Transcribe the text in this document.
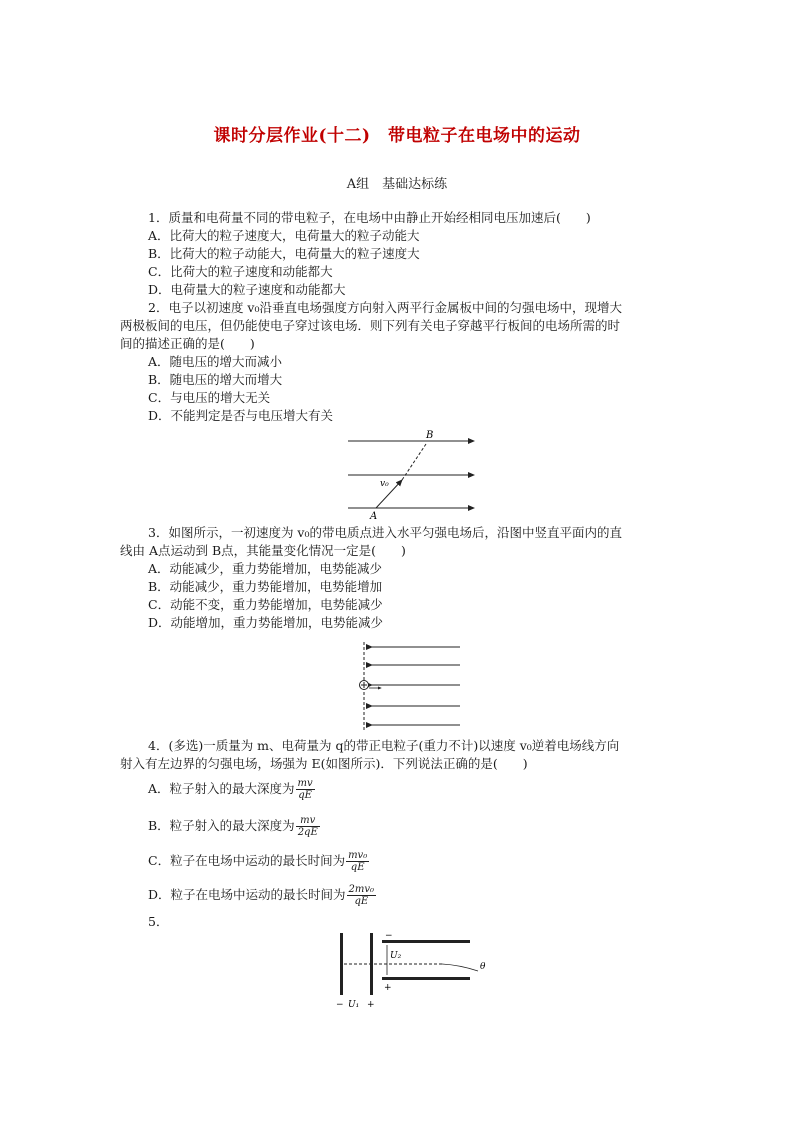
课时分层作业(十二)　带电粒子在电场中的运动
A组　基础达标练
1．质量和电荷量不同的带电粒子，在电场中由静止开始经相同电压加速后(　　)
A．比荷大的粒子速度大，电荷量大的粒子动能大
B．比荷大的粒子动能大，电荷量大的粒子速度大
C．比荷大的粒子速度和动能都大
D．电荷量大的粒子速度和动能都大
2．电子以初速度 v₀沿垂直电场强度方向射入两平行金属板中间的匀强电场中，现增大
两极板间的电压，但仍能使电子穿过该电场．则下列有关电子穿越平行板间的电场所需的时
间的描述正确的是(　　)
A．随电压的增大而减小
B．随电压的增大而增大
C．与电压的增大无关
D．不能判定是否与电压增大有关
B
A
v₀
3．如图所示，一初速度为 v₀的带电质点进入水平匀强电场后，沿图中竖直平面内的直
线由 A点运动到 B点，其能量变化情况一定是(　　)
A．动能减少，重力势能增加，电势能减少
B．动能减少，重力势能增加，电势能增加
C．动能不变，重力势能增加，电势能减少
D．动能增加，重力势能增加，电势能减少
4．(多选)一质量为 m、电荷量为 q的带正电粒子(重力不计)以速度 v₀逆着电场线方向
射入有左边界的匀强电场，场强为 E(如图所示)．下列说法正确的是(　　)
A．粒子射入的最大深度为 $\frac{mv}{qE}$
B．粒子射入的最大深度为 $\frac{mv}{2qE}$
C．粒子在电场中运动的最长时间为 $\frac{\text{mv₀}}{qE}$
D．粒子在电场中运动的最长时间为 $\frac{\text{2mv₀}}{qE}$
5．
−
U₂
+
θ
− U₁ +
